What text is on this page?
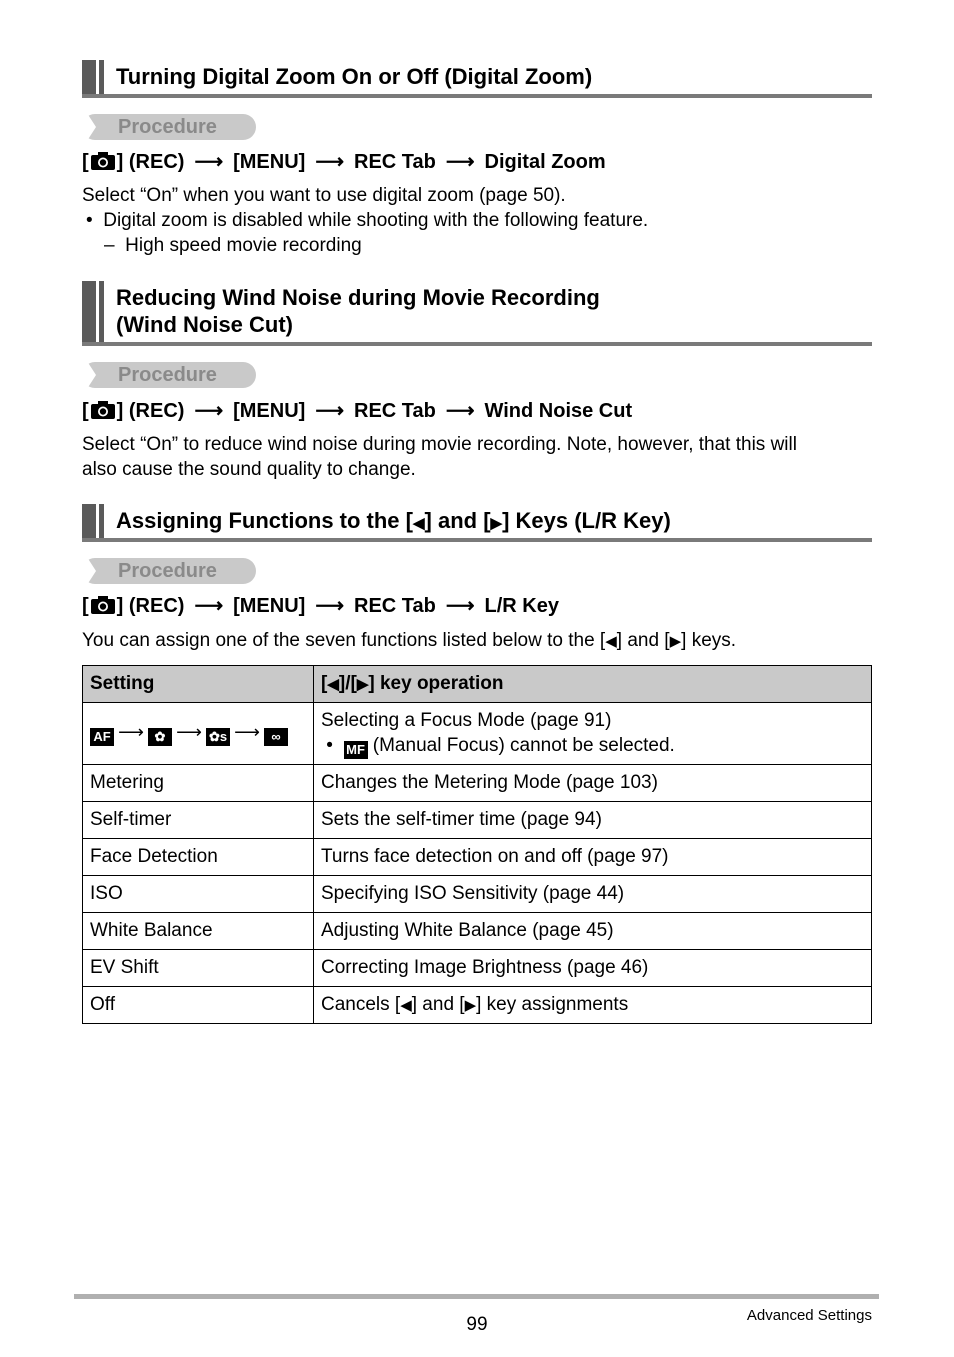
Turning Digital Zoom On or Off (Digital Zoom)
Procedure
[ ] (REC) ⟶ [MENU] ⟶ REC Tab ⟶ Digital Zoom
Select “On” when you want to use digital zoom (page 50).
•  Digital zoom is disabled while shooting with the following feature.
–  High speed movie recording
Reducing Wind Noise during Movie Recording
(Wind Noise Cut)
Procedure
[ ] (REC) ⟶ [MENU] ⟶ REC Tab ⟶ Wind Noise Cut
Select “On” to reduce wind noise during movie recording. Note, however, that this will
also cause the sound quality to change.
Assigning Functions to the [◀] and [▶] Keys (L/R Key)
Procedure
[ ] (REC) ⟶ [MENU] ⟶ REC Tab ⟶ L/R Key
You can assign one of the seven functions listed below to the [◀] and [▶] keys.
Setting	[◀]/[▶] key operation
AF ⟶ ✿ ⟶ ✿s ⟶ ∞	Selecting a Focus Mode (page 91)
•  MF (Manual Focus) cannot be selected.

Metering	Changes the Metering Mode (page 103)
Self-timer	Sets the self-timer time (page 94)
Face Detection	Turns face detection on and off (page 97)
ISO	Specifying ISO Sensitivity (page 44)
White Balance	Adjusting White Balance (page 45)
EV Shift	Correcting Image Brightness (page 46)
Off	Cancels [◀] and [▶] key assignments
99	Advanced Settings
